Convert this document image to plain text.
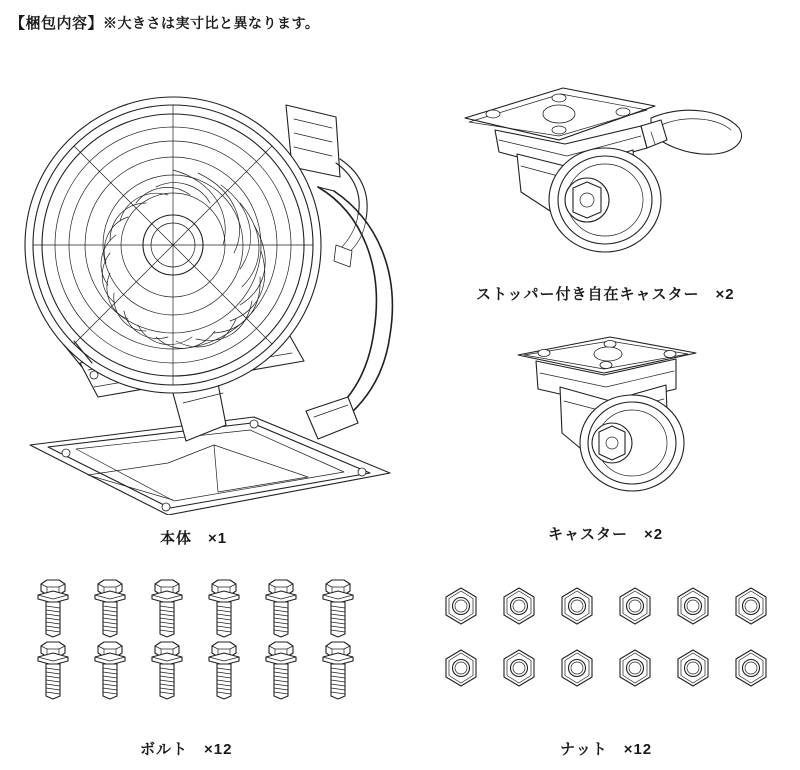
【梱包内容】※大きさは実寸比と異なります。
本体　×1
ストッパー付き自在キャスター　×2
キャスター　×2
ボルト　×12	ナット　×12
